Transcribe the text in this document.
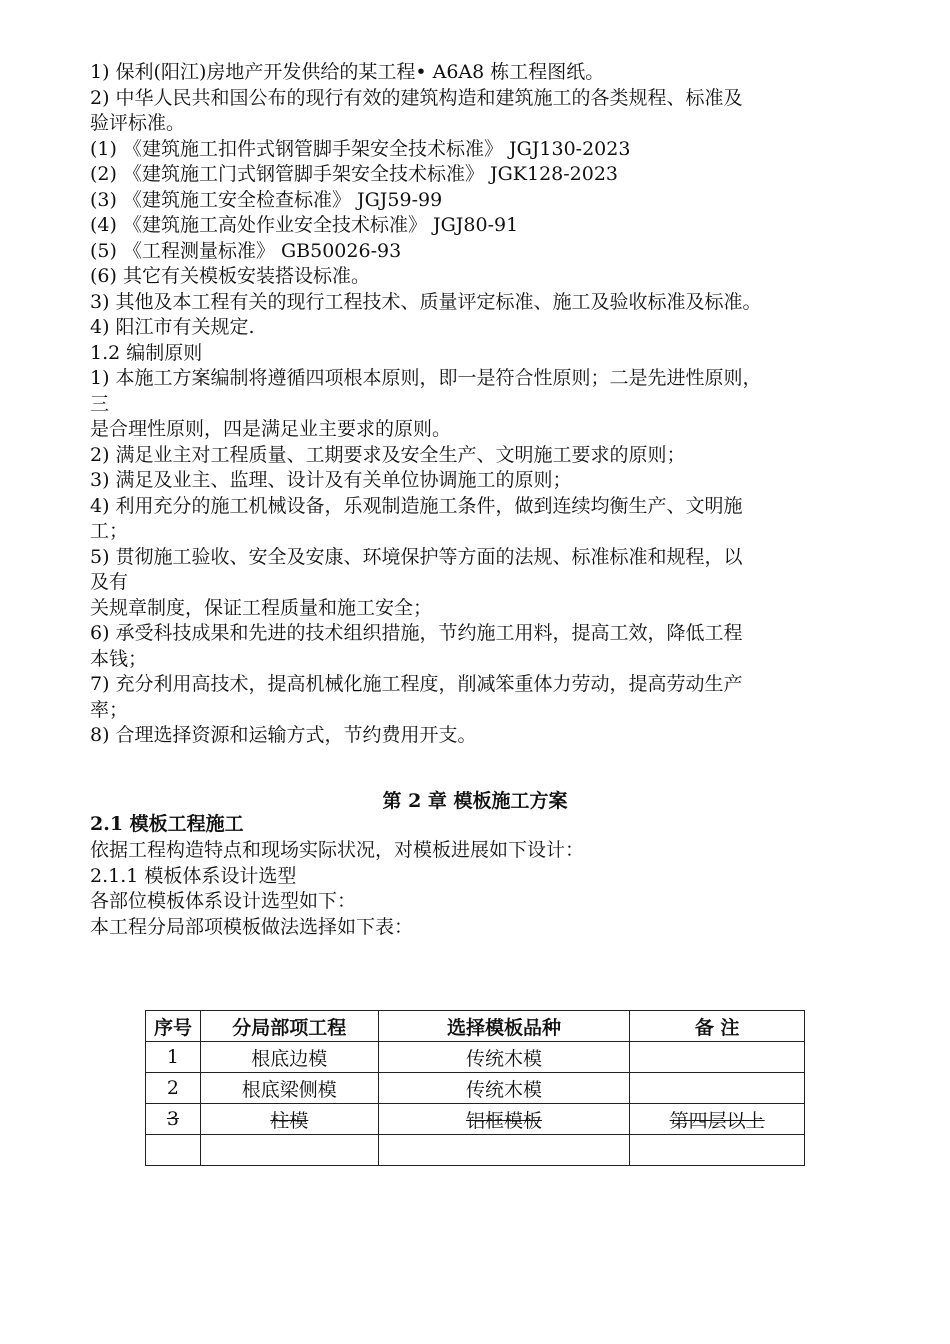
1) 保利(阳江)房地产开发供给的某工程• A6A8 栋工程图纸。
2) 中华人民共和国公布的现行有效的建筑构造和建筑施工的各类规程、标准及
验评标准。
(1) 《建筑施工扣件式钢管脚手架安全技术标准》 JGJ130-2023
(2) 《建筑施工门式钢管脚手架安全技术标准》 JGK128-2023
(3) 《建筑施工安全检查标准》 JGJ59-99
(4) 《建筑施工高处作业安全技术标准》 JGJ80-91
(5) 《工程测量标准》 GB50026-93
(6) 其它有关模板安装搭设标准。
3) 其他及本工程有关的现行工程技术、质量评定标准、施工及验收标准及标准。
4) 阳江市有关规定.
1.2 编制原则
1) 本施工方案编制将遵循四项根本原则，即一是符合性原则；二是先进性原则，
三
是合理性原则，四是满足业主要求的原则。
2) 满足业主对工程质量、工期要求及安全生产、文明施工要求的原则；
3) 满足及业主、监理、设计及有关单位协调施工的原则；
4) 利用充分的施工机械设备，乐观制造施工条件，做到连续均衡生产、文明施
工；
5) 贯彻施工验收、安全及安康、环境保护等方面的法规、标准标准和规程，以
及有
关规章制度，保证工程质量和施工安全；
6) 承受科技成果和先进的技术组织措施，节约施工用料，提高工效，降低工程
本钱；
7) 充分利用高技术，提高机械化施工程度，削减笨重体力劳动，提高劳动生产
率；
8) 合理选择资源和运输方式，节约费用开支。
第 2 章 模板施工方案
2.1 模板工程施工
依据工程构造特点和现场实际状况，对模板进展如下设计：
2.1.1 模板体系设计选型
各部位模板体系设计选型如下：
本工程分局部项模板做法选择如下表：
序号	分局部项工程	选择模板品种	备 注
1	根底边模	传统木模	
2	根底梁侧模	传统木模	
3	柱模	铝框模板	第四层以上
